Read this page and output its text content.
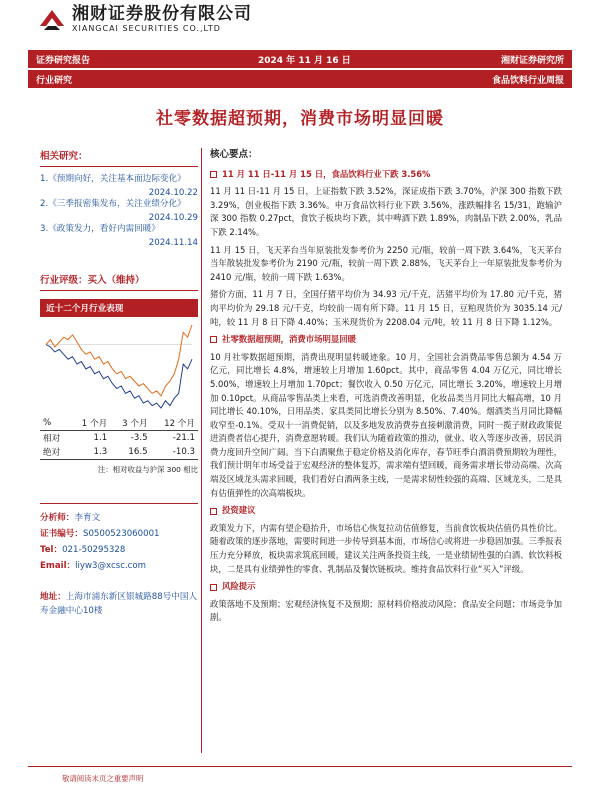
湘财证券股份有限公司
XIANGCAI SECURITIES CO.,LTD
证券研究报告	2024 年 11 月 16 日	湘财证券研究所
行业研究	食品饮料行业周报
社零数据超预期，消费市场明显回暖
相关研究：
1.《预期向好，关注基本面边际变化》
2024.10.22
2.《三季报密集发布，关注业绩分化》
2024.10.29
3.《政策发力，看好内需回暖》
2024.11.14
行业评级：买入（维持）
近十二个月行业表现
%	1 个月	3 个月	12 个月
相对	1.1	-3.5	-21.1
绝对	1.3	16.5	-10.3
注：相对收益与沪深 300 相比
分析师：李育文
证书编号：S0500523060001
Tel：021-50295328
Email：liyw3@xcsc.com
地址：上海市浦东新区银城路88号中国人寿金融中心10楼
核心要点：
11 月 11 日-11 月 15 日，食品饮料行业下跌 3.56%

11 月 11 日-11 月 15 日，上证指数下跌 3.52%，深证成指下跌 3.70%，沪深 300 指数下跌 3.29%，创业板指下跌 3.36%。申万食品饮料行业下跌 3.56%，涨跌幅排名 15/31，跑输沪深 300 指数 0.27pct，食饮子板块均下跌，其中啤酒下跌 1.89%，肉制品下跌 2.00%，乳品下跌 2.14%。

11 月 15 日，飞天茅台当年原装批发参考价为 2250 元/瓶，较前一周下跌 3.64%，飞天茅台当年散装批发参考价为 2190 元/瓶，较前一周下跌 2.88%，飞天茅台上一年原装批发参考价为 2410 元/瓶，较前一周下跌 1.63%。

猪价方面，11 月 7 日，全国仔猪平均价为 34.93 元/千克，活猪平均价为 17.80 元/千克，猪肉平均价为 29.18 元/千克，均较前一周有所下降。11 月 15 日，豆粕现货价为 3035.14 元/吨，较 11 月 8 日下降 4.40%；玉米现货价为 2208.04 元/吨，较 11 月 8 日下降 1.12%。

社零数据超预期，消费市场明显回暖

10 月社零数据超预期，消费出现明显转暖迹象。10 月，全国社会消费品零售总额为 4.54 万亿元，同比增长 4.8%，增速较上月增加 1.60pct。其中，商品零售 4.04 万亿元，同比增长 5.00%，增速较上月增加 1.70pct；餐饮收入 0.50 万亿元，同比增长 3.20%，增速较上月增加 0.10pct。从商品零售品类上来看，可选消费改善明显，化妆品类当月同比大幅高增，10 月同比增长 40.10%，日用品类、家具类同比增长分别为 8.50%、7.40%。烟酒类当月同比降幅收窄至-0.1%。受双十一消费促销，以及多地发放消费券直接刺激消费，同时一揽子财政政策促进消费者信心提升，消费意愿转暖。我们认为随着政策的推动，就业、收入等逐步改善，居民消费力度回升空间广阔。当下白酒聚焦于稳定价格及消化库存，春节旺季白酒消费预期较为理性，我们预计明年市场受益于宏观经济的整体复苏，需求端有望回暖，商务需求增长带动高端、次高端及区域龙头需求回暖，我们看好白酒两条主线，一是需求韧性较强的高端、区域龙头，二是具有估值弹性的次高端板块。

投资建议

政策发力下，内需有望企稳抬升，市场信心恢复拉动估值修复，当前食饮板块估值仍具性价比。随着政策的逐步落地，需要时间进一步传导到基本面，市场信心或将进一步稳固加强。三季报表压力充分释放，板块需求筑底回暖，建议关注两条投资主线，一是业绩韧性强的白酒、软饮料板块，二是具有业绩弹性的零食、乳制品及餐饮链板块。维持食品饮料行业“买入”评级。

风险提示

政策落地不及预期；宏观经济恢复不及预期；原材料价格波动风险；食品安全问题；市场竞争加剧。

敬请阅读末页之重要声明
